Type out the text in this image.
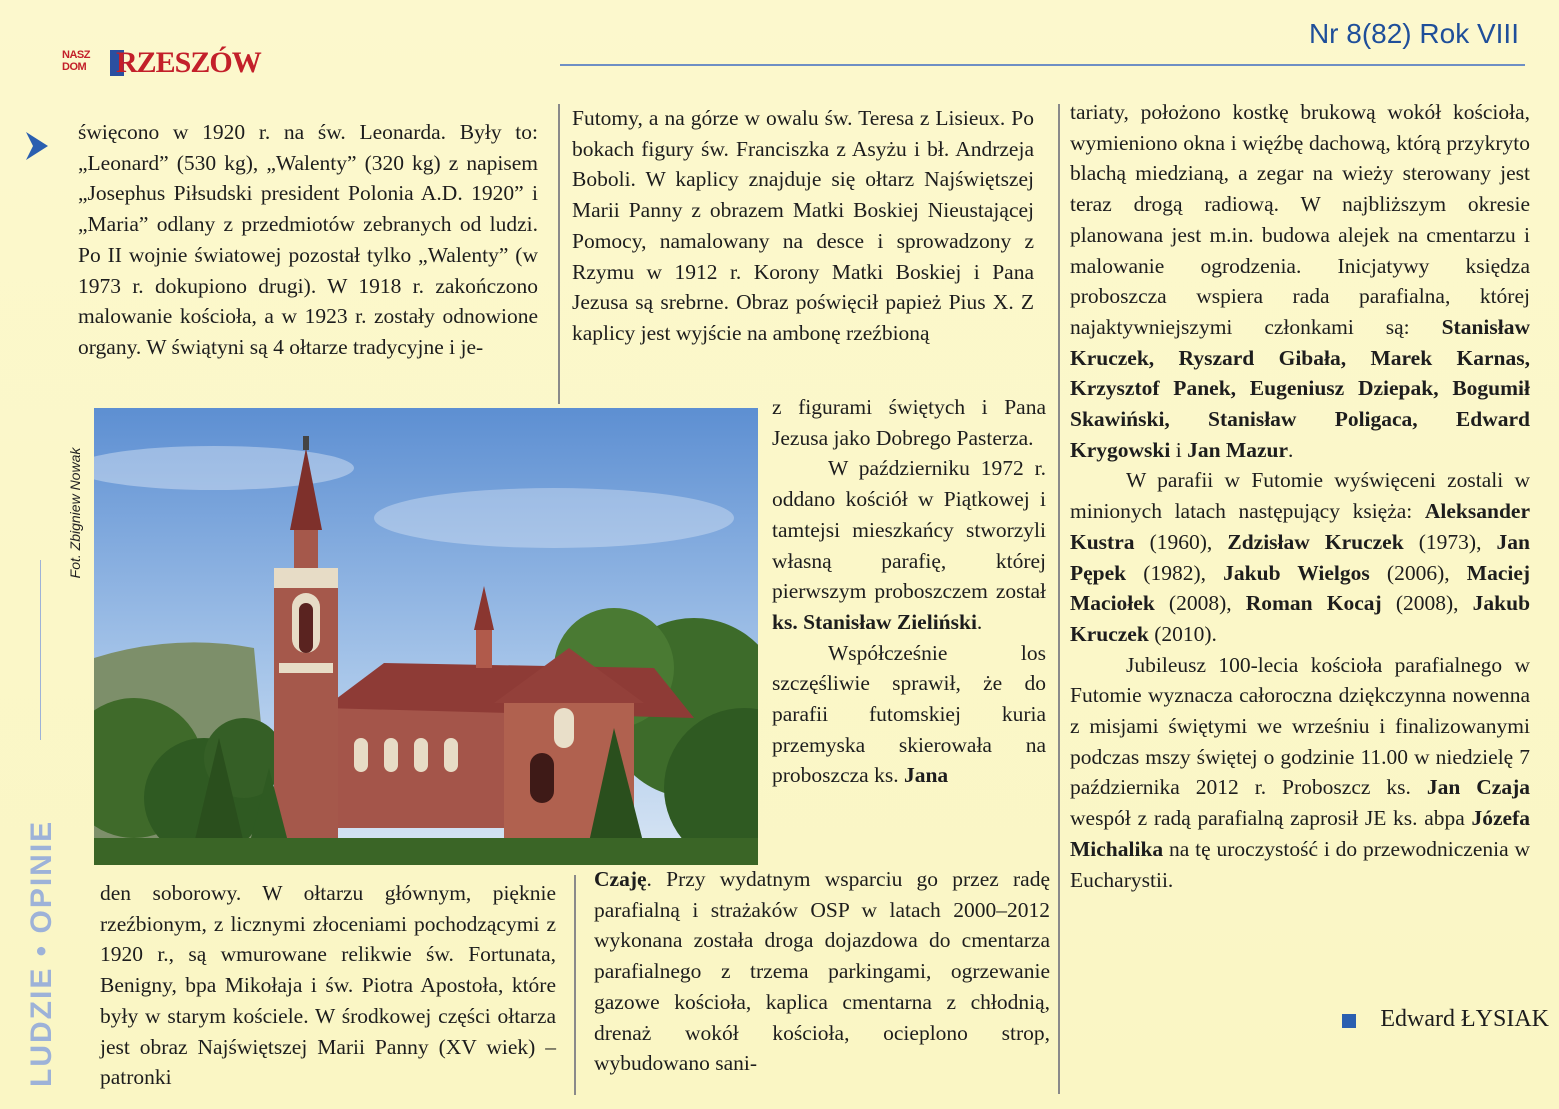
NASZ
DOM RZESZÓW
Nr 8(82) Rok VIII
LUDZIE • OPINIE

święcono w 1920 r. na św. Leonarda. Były to: „Leonard” (530 kg), „Walenty” (320 kg) z napisem „Josephus Piłsudski president Polonia A.D. 1920” i „Maria” odlany z przedmiotów zebranych od ludzi. Po II wojnie światowej pozostał tylko „Walenty” (w 1973 r. dokupiono drugi). W 1918 r. zakończono malowanie kościoła, a w 1923 r. zostały odnowione organy. W świątyni są 4 ołtarze tradycyjne i je-

Fot. Zbigniew Nowak

den soborowy. W ołtarzu głównym, pięknie rzeźbionym, z licznymi złoceniami pochodzącymi z 1920 r., są wmurowane relikwie św. Fortunata, Benigny, bpa Mikołaja i św. Piotra Apostoła, które były w starym kościele. W środkowej części ołtarza jest obraz Najświętszej Marii Panny (XV wiek) – patronki

Futomy, a na górze w owalu św. Teresa z Lisieux. Po bokach figury św. Franciszka z Asyżu i bł. Andrzeja Boboli. W kaplicy znajduje się ołtarz Najświętszej Marii Panny z obrazem Matki Boskiej Nieustającej Pomocy, namalowany na desce i sprowadzony z Rzymu w 1912 r. Korony Matki Boskiej i Pana Jezusa są srebrne. Obraz poświęcił papież Pius X. Z kaplicy jest wyjście na ambonę rzeźbioną

z figurami świętych i Pana Jezusa jako Dobrego Pasterza.

W październiku 1972 r. oddano kościół w Piątkowej i tamtejsi mieszkańcy stworzyli własną parafię, której pierwszym proboszczem został ks. Stanisław Zieliński.

Współcześnie los szczęśliwie sprawił, że do parafii futomskiej kuria przemyska skierowała na proboszcza ks. Jana

Czaję. Przy wydatnym wsparciu go przez radę parafialną i strażaków OSP w latach 2000–2012 wykonana została droga dojazdowa do cmentarza parafialnego z trzema parkingami, ogrzewanie gazowe kościoła, kaplica cmentarna z chłodnią, drenaż wokół kościoła, ocieplono strop, wybudowano sani-

tariaty, położono kostkę brukową wokół kościoła, wymieniono okna i więźbę dachową, którą przykryto blachą miedzianą, a zegar na wieży sterowany jest teraz drogą radiową. W najbliższym okresie planowana jest m.in. budowa alejek na cmentarzu i malowanie ogrodzenia. Inicjatywy księdza proboszcza wspiera rada parafialna, której najaktywniejszymi członkami są: Stanisław Kruczek, Ryszard Gibała, Marek Karnas, Krzysztof Panek, Eugeniusz Dziepak, Bogumił Skawiński, Stanisław Poligaca, Edward Krygowski i Jan Mazur.

W parafii w Futomie wyświęceni zostali w minionych latach następujący księża: Aleksander Kustra (1960), Zdzisław Kruczek (1973), Jan Pępek (1982), Jakub Wielgos (2006), Maciej Maciołek (2008), Roman Kocaj (2008), Jakub Kruczek (2010).

Jubileusz 100-lecia kościoła parafialnego w Futomie wyznacza całoroczna dziękczynna nowenna z misjami świętymi we wrześniu i finalizowanymi podczas mszy świętej o godzinie 11.00 w niedzielę 7 października 2012 r. Proboszcz ks. Jan Czaja wespół z radą parafialną zaprosił JE ks. abpa Józefa Michalika na tę uroczystość i do przewodniczenia w Eucharystii.

Edward ŁYSIAK
